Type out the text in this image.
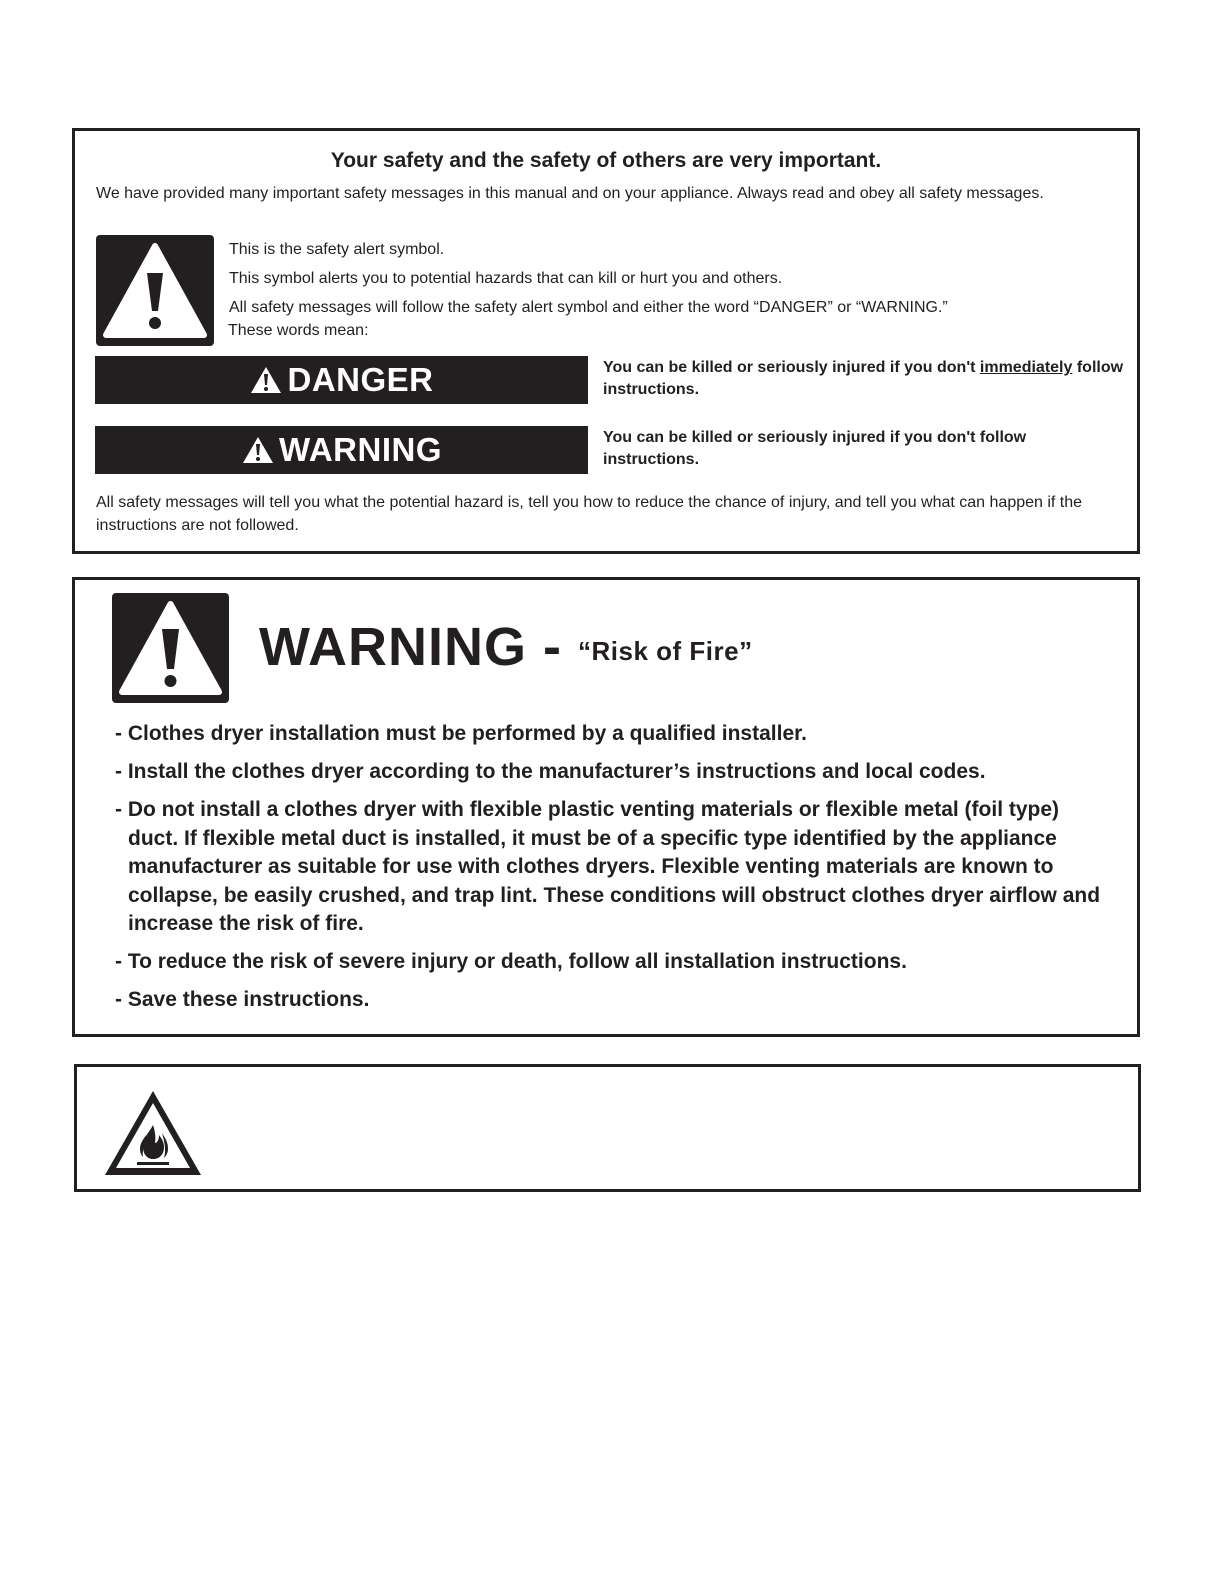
Your safety and the safety of others are very important.
We have provided many important safety messages in this manual and on your appliance. Always read and obey all safety messages.
This is the safety alert symbol.
This symbol alerts you to potential hazards that can kill or hurt you and others.
All safety messages will follow the safety alert symbol and either the word “DANGER” or “WARNING.”
These words mean:
DANGER	You can be killed or seriously injured if you don't immediately follow instructions.
WARNING	You can be killed or seriously injured if you don't follow instructions.
All safety messages will tell you what the potential hazard is, tell you how to reduce the chance of injury, and tell you what can happen if the instructions are not followed.
WARNING - “Risk of Fire”
- Clothes dryer installation must be performed by a qualified installer.
- Install the clothes dryer according to the manufacturer’s instructions and local codes.
- Do not install a clothes dryer with flexible plastic venting materials or flexible metal (foil type) duct. If flexible metal duct is installed, it must be of a specific type identified by the appliance manufacturer as suitable for use with clothes dryers. Flexible venting materials are known to collapse, be easily crushed, and trap lint. These conditions will obstruct clothes dryer airflow and increase the risk of fire.
- To reduce the risk of severe injury or death, follow all installation instructions.
- Save these instructions.
